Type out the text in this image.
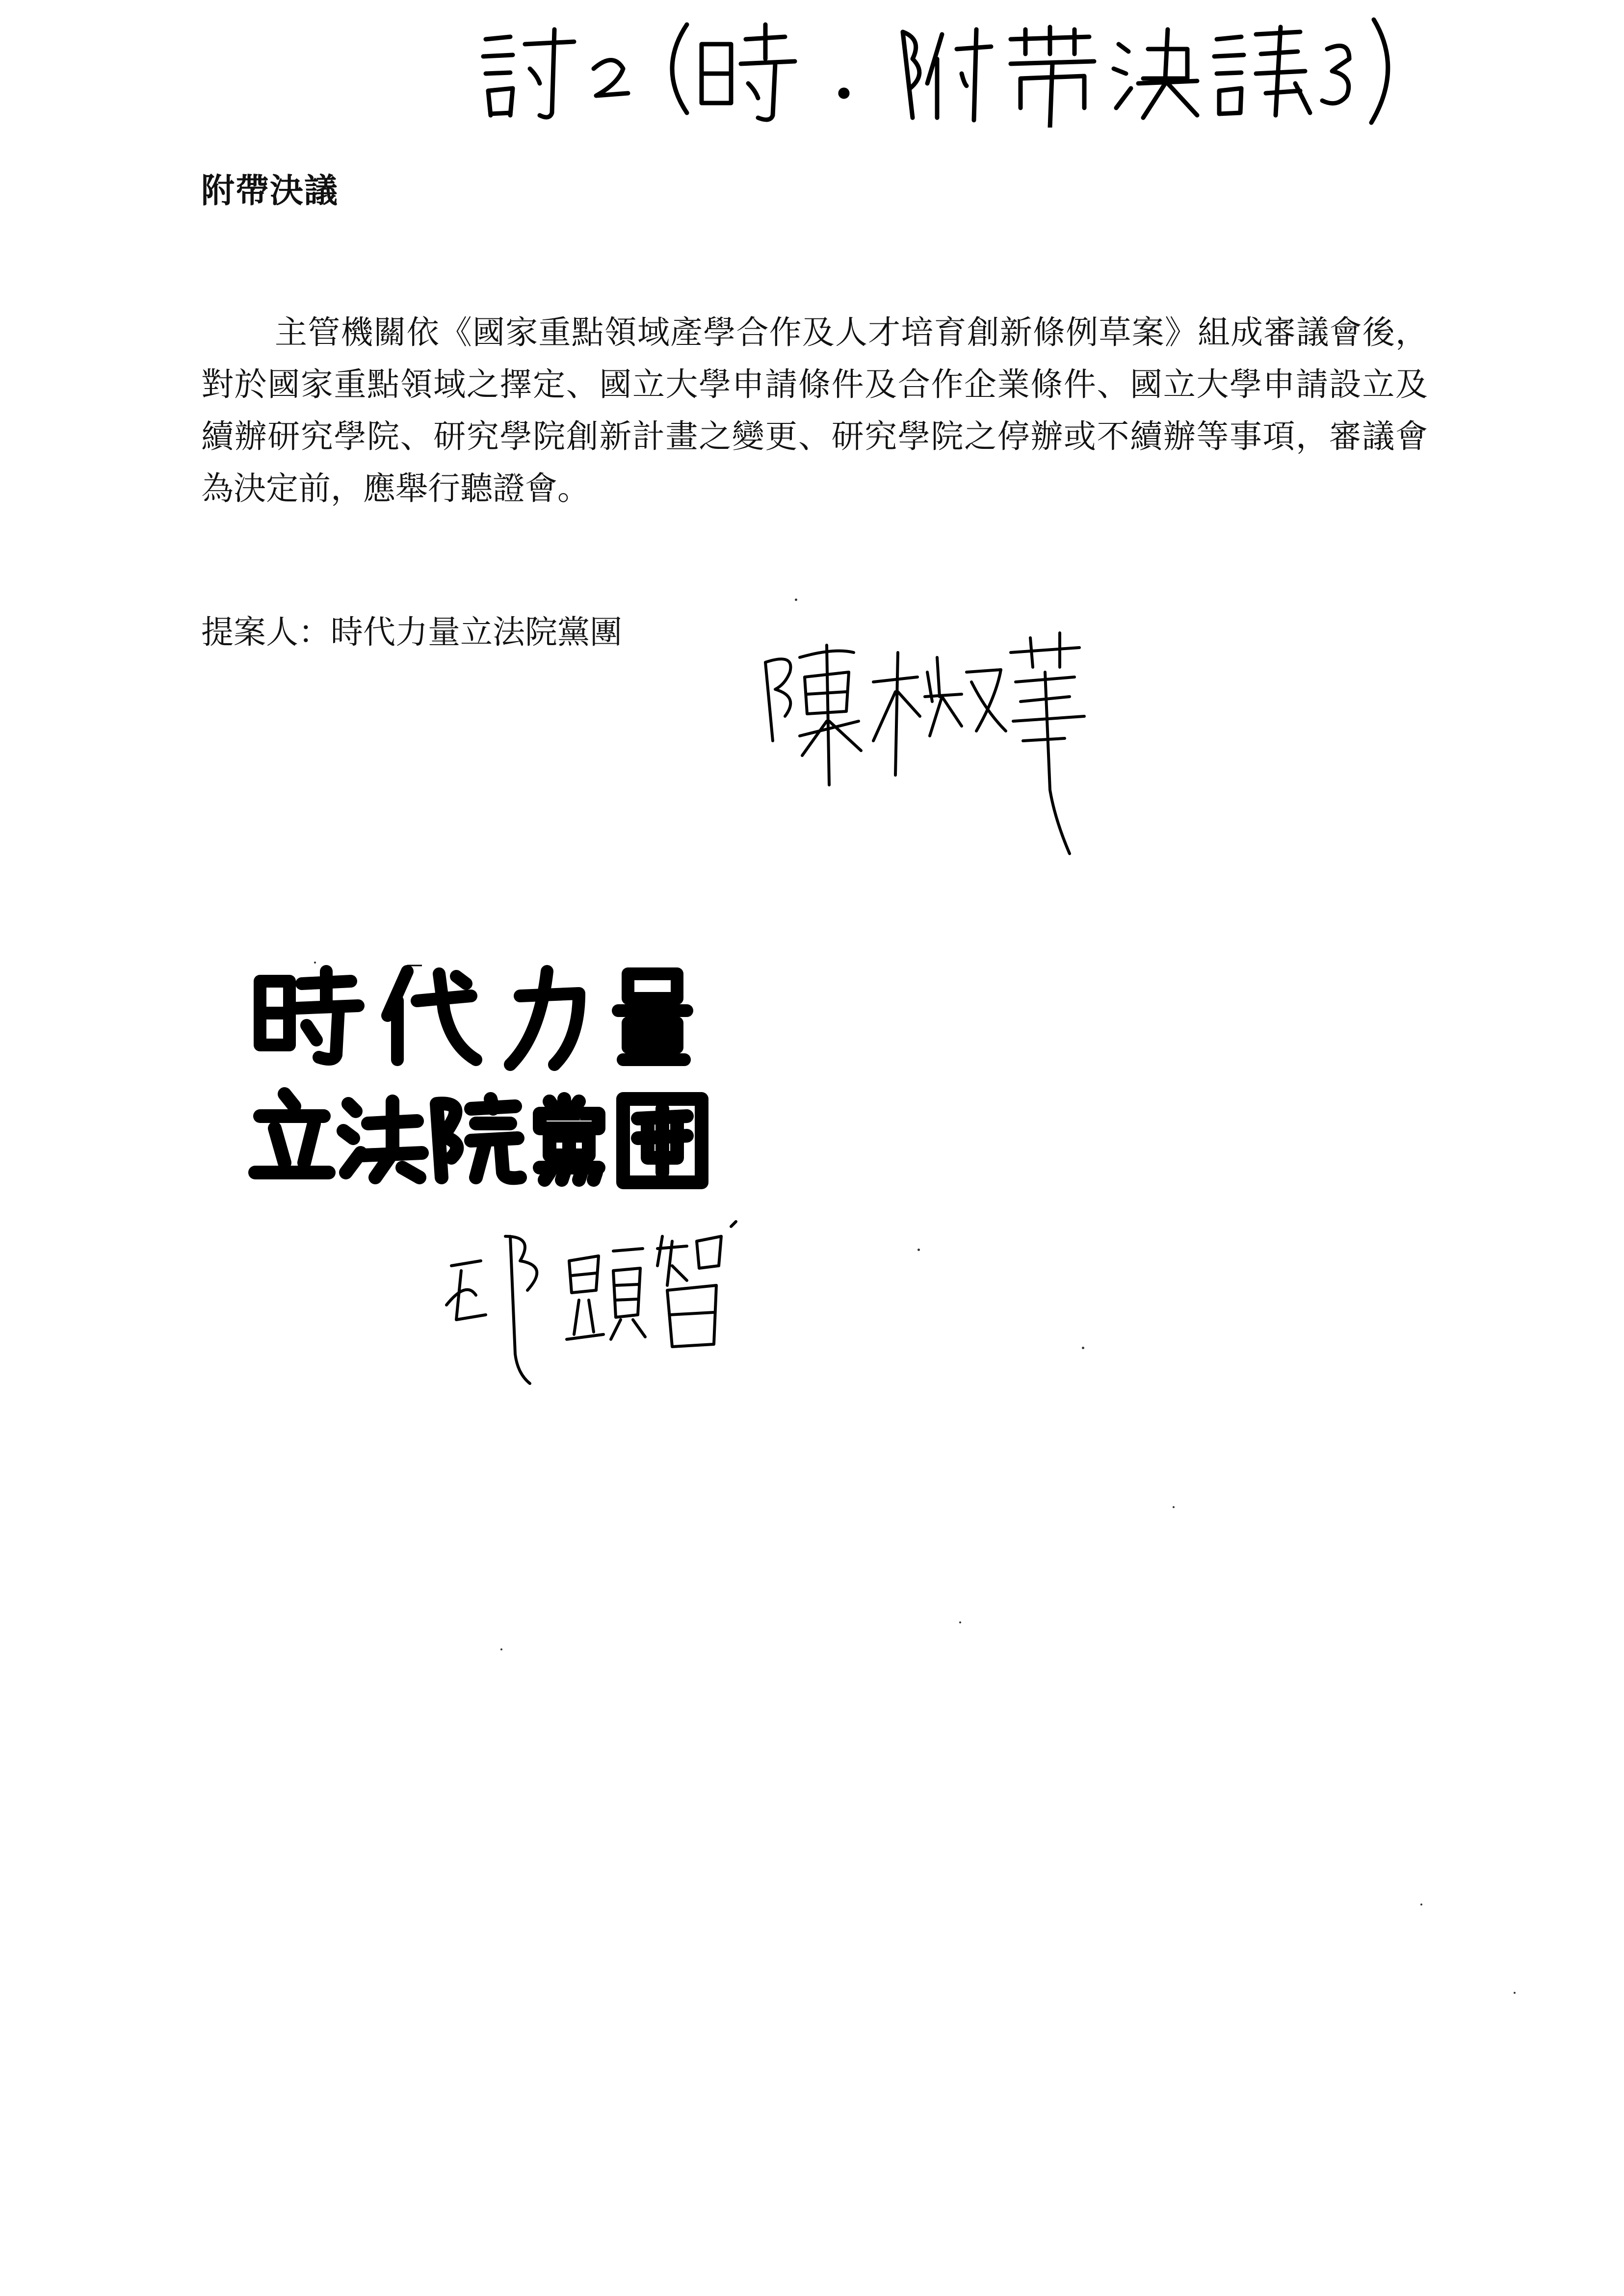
附帶決議

主管機關依《國家重點領域產學合作及人才培育創新條例草案》組成審議會後，對於國家重點領域之擇定、國立大學申請條件及合作企業條件、國立大學申請設立及續辦研究學院、研究學院創新計畫之變更、研究學院之停辦或不續辦等事項，審議會為決定前，應舉行聽證會。

提案人：時代力量立法院黨團
